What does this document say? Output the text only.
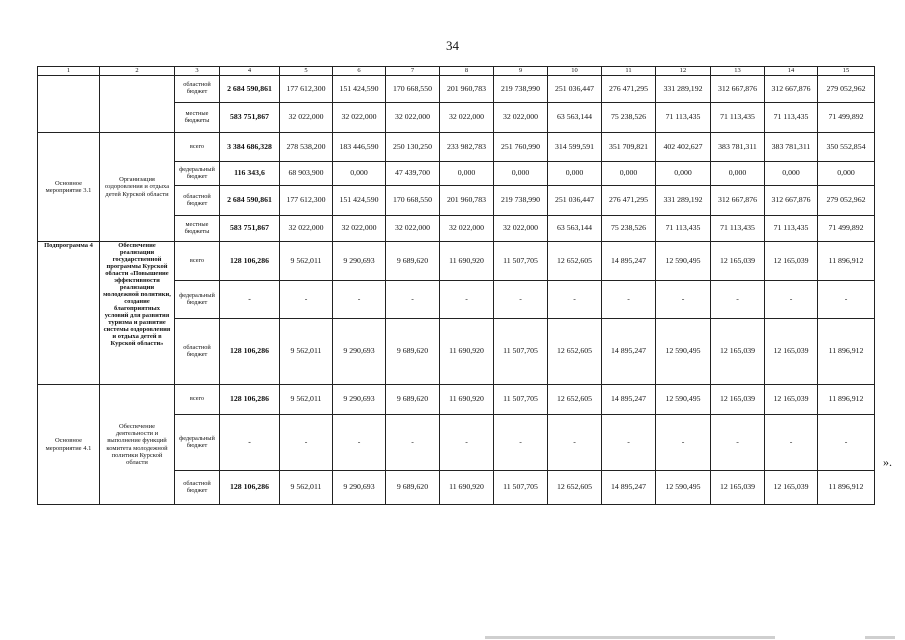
34
1	2	3	4	5	6	7	8	9	10	11	12	13	14	15
		областной бюджет	2 684 590,861	177 612,300	151 424,590	170 668,550	201 960,783	219 738,990	251 036,447	276 471,295	331 289,192	312 667,876	312 667,876	279 052,962
		местные бюджеты	583 751,867	32 022,000	32 022,000	32 022,000	32 022,000	32 022,000	63 563,144	75 238,526	71 113,435	71 113,435	71 113,435	71 499,892
Основное мероприятие 3.1	Организация оздоровления и отдыха детей Курской области	всего	3 384 686,328	278 538,200	183 446,590	250 130,250	233 982,783	251 760,990	314 599,591	351 709,821	402 402,627	383 781,311	383 781,311	350 552,854
		федеральный бюджет	116 343,6	68 903,900	0,000	47 439,700	0,000	0,000	0,000	0,000	0,000	0,000	0,000	0,000
		областной бюджет	2 684 590,861	177 612,300	151 424,590	170 668,550	201 960,783	219 738,990	251 036,447	276 471,295	331 289,192	312 667,876	312 667,876	279 052,962
		местные бюджеты	583 751,867	32 022,000	32 022,000	32 022,000	32 022,000	32 022,000	63 563,144	75 238,526	71 113,435	71 113,435	71 113,435	71 499,892
Подпрограмма 4	Обеспечение реализации государственной программы Курской области «Повышение эффективности реализации молодежной политики, создание благоприятных условий для развития туризма и развитие системы оздоровления и отдыха детей в Курской области»	всего	128 106,286	9 562,011	9 290,693	9 689,620	11 690,920	11 507,705	12 652,605	14 895,247	12 590,495	12 165,039	12 165,039	11 896,912
		федеральный бюджет	-	-	-	-	-	-	-	-	-	-	-	-
		областной бюджет	128 106,286	9 562,011	9 290,693	9 689,620	11 690,920	11 507,705	12 652,605	14 895,247	12 590,495	12 165,039	12 165,039	11 896,912
Основное мероприятие 4.1	Обеспечение деятельности и выполнение функций комитета молодежной политики Курской области	всего	128 106,286	9 562,011	9 290,693	9 689,620	11 690,920	11 507,705	12 652,605	14 895,247	12 590,495	12 165,039	12 165,039	11 896,912
		федеральный бюджет	-	-	-	-	-	-	-	-	-	-	-	-
		областной бюджет	128 106,286	9 562,011	9 290,693	9 689,620	11 690,920	11 507,705	12 652,605	14 895,247	12 590,495	12 165,039	12 165,039	11 896,912
».
